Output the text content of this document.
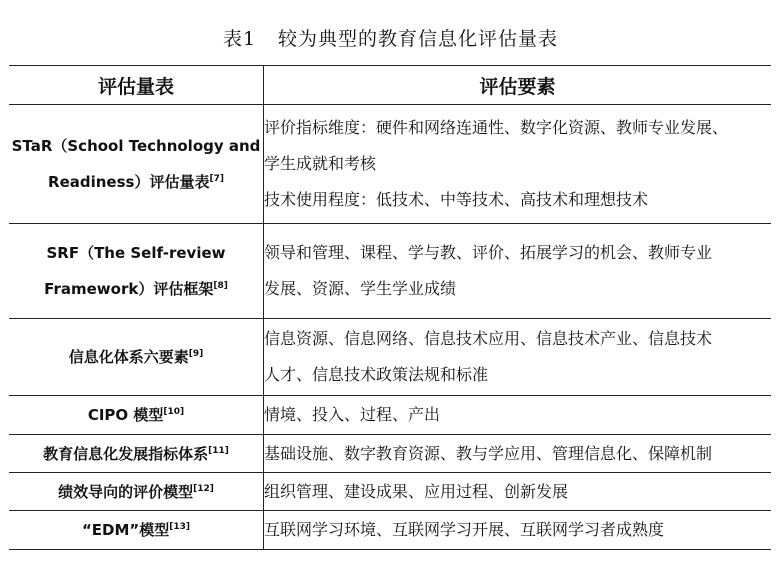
表1 较为典型的教育信息化评估量表
评估量表	评估要素

STaR（School Technology and
Readiness）评估量表[7]	评价指标维度：硬件和网络连通性、数字化资源、教师专业发展、
学生成就和考核
技术使用程度：低技术、中等技术、高技术和理想技术

SRF（The Self-review
Framework）评估框架[8]	领导和管理、课程、学与教、评价、拓展学习的机会、教师专业
发展、资源、学生学业成绩

信息化体系六要素[9]	信息资源、信息网络、信息技术应用、信息技术产业、信息技术
人才、信息技术政策法规和标准

CIPO 模型[10]	情境、投入、过程、产出

教育信息化发展指标体系[11]	基础设施、数字教育资源、教与学应用、管理信息化、保障机制

绩效导向的评价模型[12]	组织管理、建设成果、应用过程、创新发展

“EDM”模型[13]	互联网学习环境、互联网学习开展、互联网学习者成熟度
